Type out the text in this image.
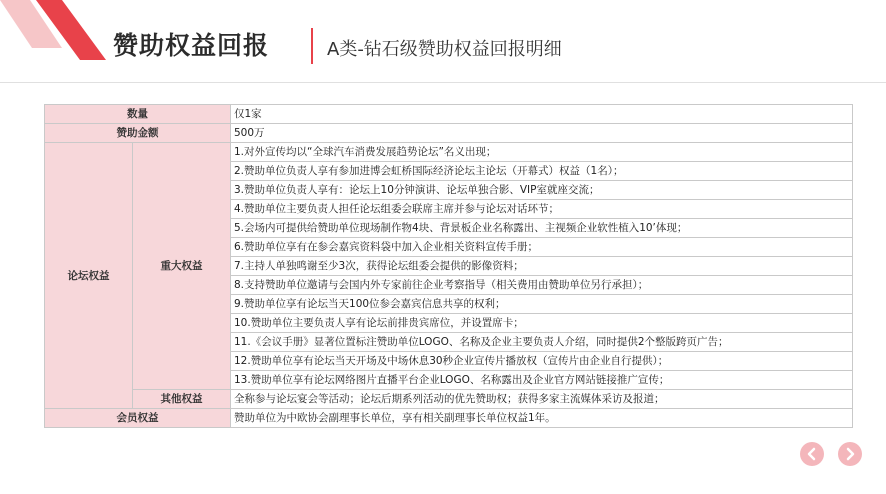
赞助权益回报	A类-钻石级赞助权益回报明细
数量		仅1家
赞助金额		500万
论坛权益	重大权益	1.对外宣传均以“全球汽车消费发展趋势论坛”名义出现；
		2.赞助单位负责人享有参加进博会虹桥国际经济论坛主论坛（开幕式）权益（1名）；
		3.赞助单位负责人享有：论坛上10分钟演讲、论坛单独合影、VIP室就座交流；
		4.赞助单位主要负责人担任论坛组委会联席主席并参与论坛对话环节；
		5.会场内可提供给赞助单位现场制作物4块、背景板企业名称露出、主视频企业软性植入10’体现；
		6.赞助单位享有在参会嘉宾资料袋中加入企业相关资料宣传手册；
		7.主持人单独鸣谢至少3次，获得论坛组委会提供的影像资料；
		8.支持赞助单位邀请与会国内外专家前往企业考察指导（相关费用由赞助单位另行承担）；
		9.赞助单位享有论坛当天100位参会嘉宾信息共享的权利；
		10.赞助单位主要负责人享有论坛前排贵宾席位，并设置席卡；
		11.《会议手册》显著位置标注赞助单位LOGO、名称及企业主要负责人介绍，同时提供2个整版跨页广告；
		12.赞助单位享有论坛当天开场及中场休息30秒企业宣传片播放权（宣传片由企业自行提供）；
		13.赞助单位享有论坛网络图片直播平台企业LOGO、名称露出及企业官方网站链接推广宣传；
	其他权益	全称参与论坛宴会等活动；论坛后期系列活动的优先赞助权；获得多家主流媒体采访及报道；
会员权益		赞助单位为中欧协会副理事长单位，享有相关副理事长单位权益1年。
